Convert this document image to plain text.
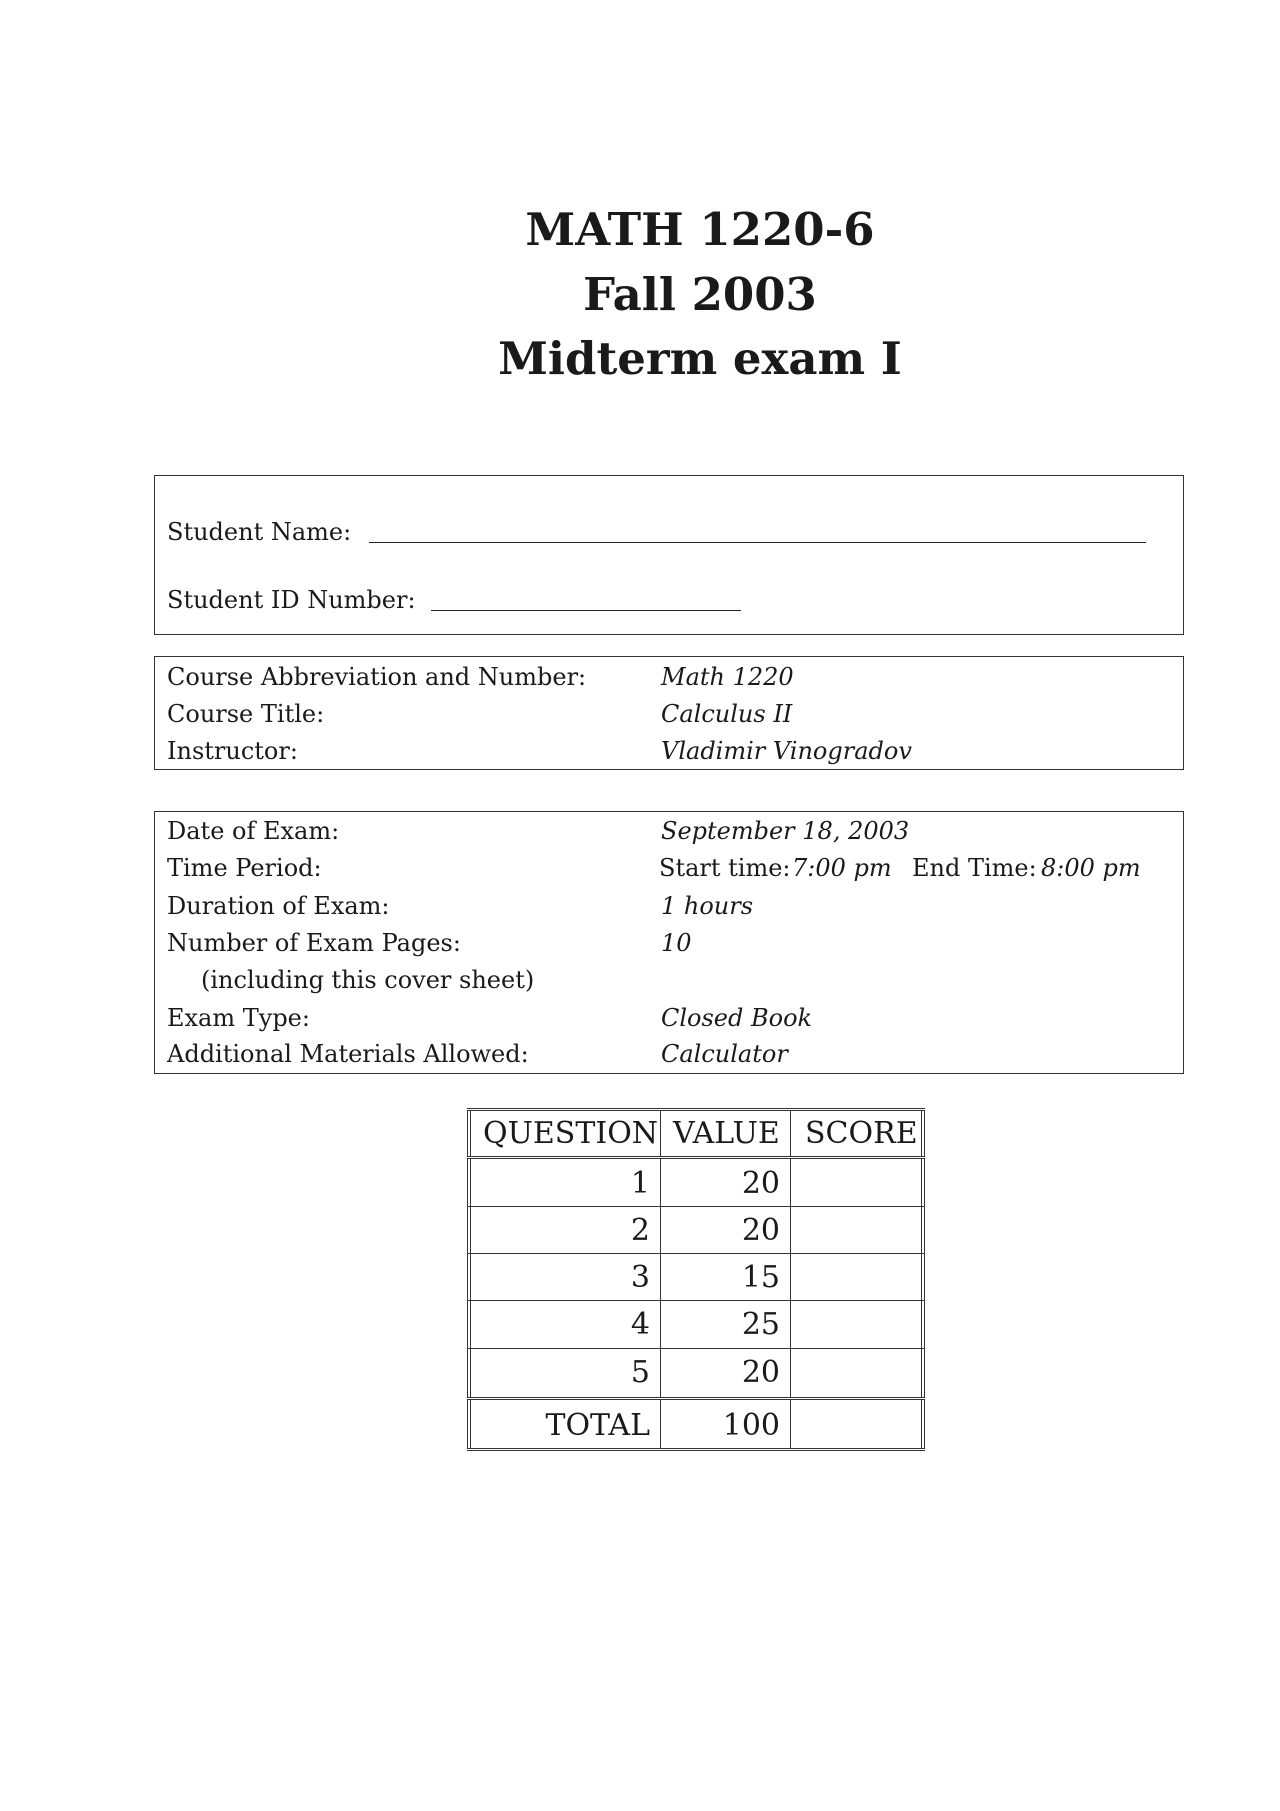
MATH 1220-6
Fall 2003
Midterm exam I
Student Name:
Student ID Number:
Course Abbreviation and Number:	Math 1220
Course Title:	Calculus II
Instructor:	Vladimir Vinogradov
Date of Exam:	September 18, 2003
Time Period:	Start time: 7:00 pm End Time: 8:00 pm
Duration of Exam:	1 hours
Number of Exam Pages:	10
(including this cover sheet)
Exam Type:	Closed Book
Additional Materials Allowed:	Calculator
QUESTION VALUE SCORE
1	20
2	20
3	15
4	25
5	20
TOTAL 100
